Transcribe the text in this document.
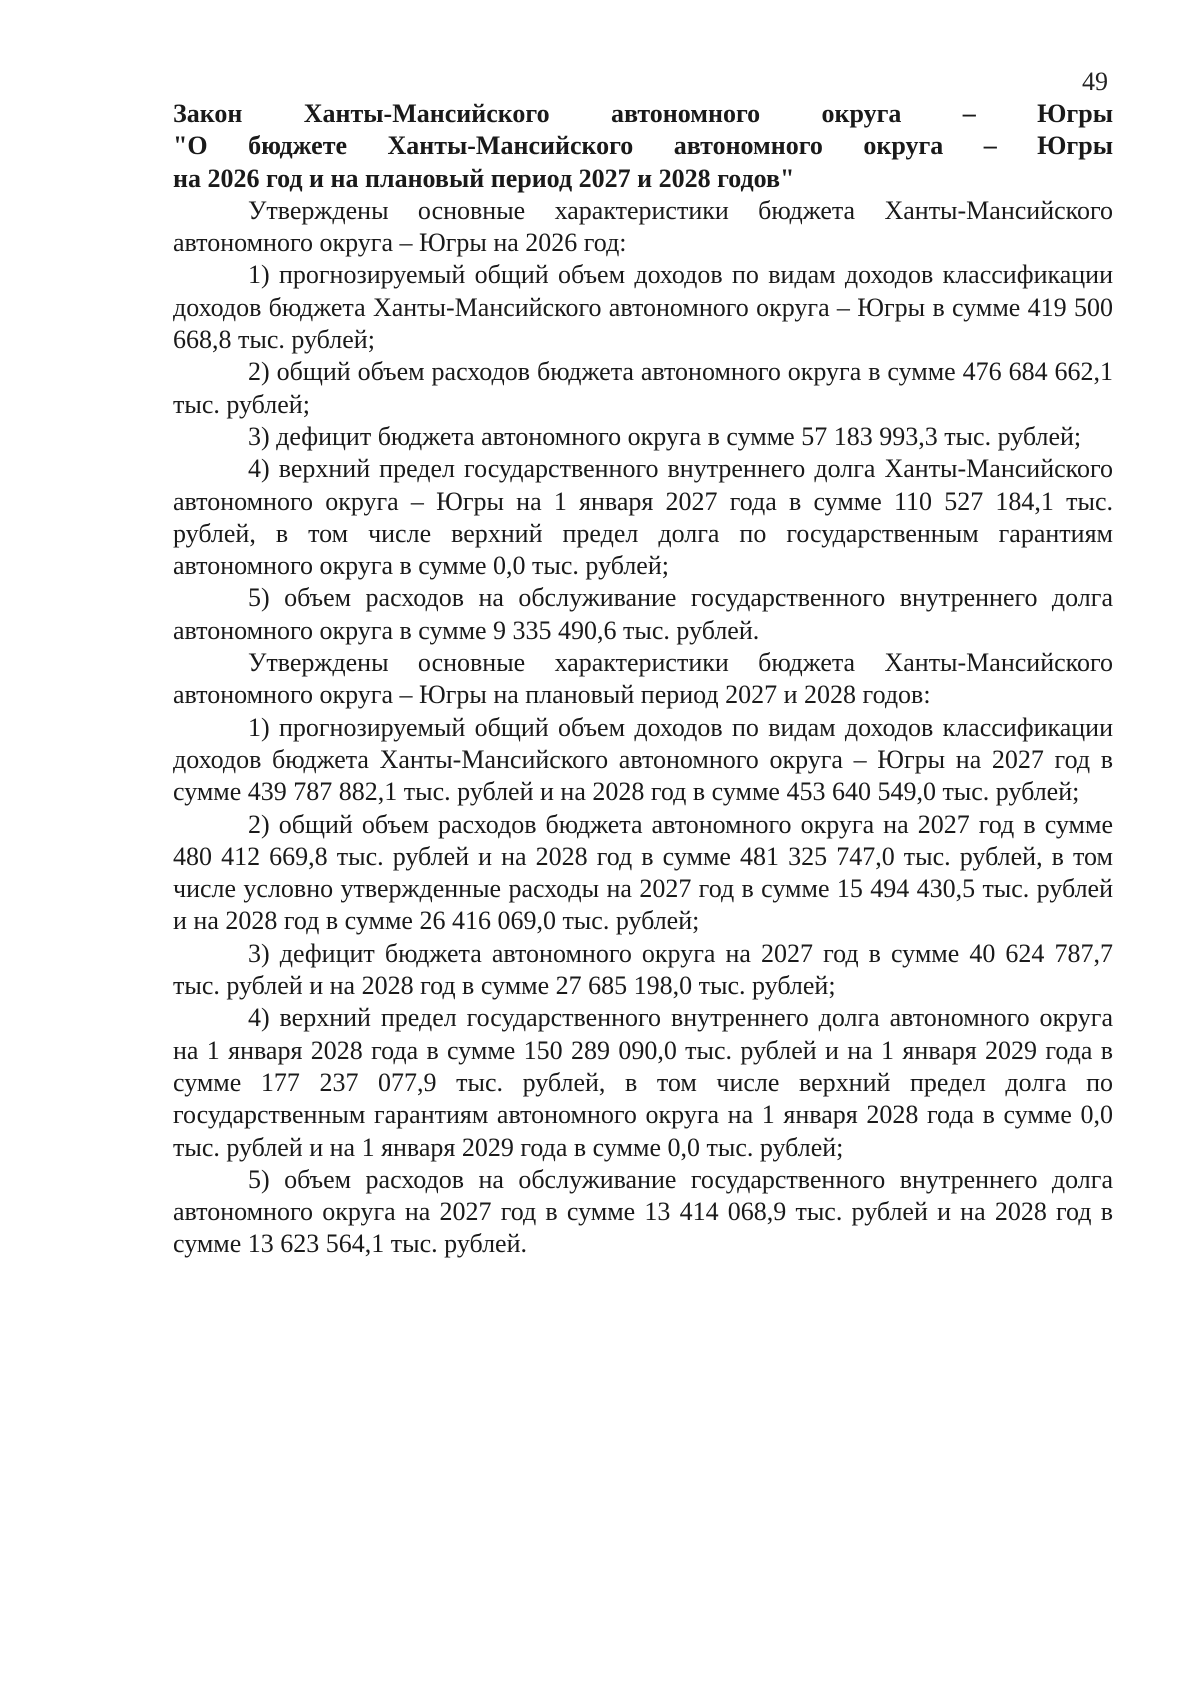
49

Закон Ханты-Мансийского автономного округа – Югры
"О бюджете Ханты-Мансийского автономного округа – Югры
на 2026 год и на плановый период 2027 и 2028 годов"

Утверждены основные характеристики бюджета Ханты-Мансийского автономного округа – Югры на 2026 год:

1) прогнозируемый общий объем доходов по видам доходов классификации доходов бюджета Ханты-Мансийского автономного округа – Югры в сумме 419 500 668,8 тыс. рублей;

2) общий объем расходов бюджета автономного округа в сумме 476 684 662,1 тыс. рублей;

3) дефицит бюджета автономного округа в сумме 57 183 993,3 тыс. рублей;

4) верхний предел государственного внутреннего долга Ханты-Мансийского автономного округа – Югры на 1 января 2027 года в сумме 110 527 184,1 тыс. рублей, в том числе верхний предел долга по государственным гарантиям автономного округа в сумме 0,0 тыс. рублей;

5) объем расходов на обслуживание государственного внутреннего долга автономного округа в сумме 9 335 490,6 тыс. рублей.

Утверждены основные характеристики бюджета Ханты-Мансийского автономного округа – Югры на плановый период 2027 и 2028 годов:

1) прогнозируемый общий объем доходов по видам доходов классификации доходов бюджета Ханты-Мансийского автономного округа – Югры на 2027 год в сумме 439 787 882,1 тыс. рублей и на 2028 год в сумме 453 640 549,0 тыс. рублей;

2) общий объем расходов бюджета автономного округа на 2027 год в сумме 480 412 669,8 тыс. рублей и на 2028 год в сумме 481 325 747,0 тыс. рублей, в том числе условно утвержденные расходы на 2027 год в сумме 15 494 430,5 тыс. рублей и на 2028 год в сумме 26 416 069,0 тыс. рублей;

3) дефицит бюджета автономного округа на 2027 год в сумме 40 624 787,7 тыс. рублей и на 2028 год в сумме 27 685 198,0 тыс. рублей;

4) верхний предел государственного внутреннего долга автономного округа на 1 января 2028 года в сумме 150 289 090,0 тыс. рублей и на 1 января 2029 года в сумме 177 237 077,9 тыс. рублей, в том числе верхний предел долга по государственным гарантиям автономного округа на 1 января 2028 года в сумме 0,0 тыс. рублей и на 1 января 2029 года в сумме 0,0 тыс. рублей;

5) объем расходов на обслуживание государственного внутреннего долга автономного округа на 2027 год в сумме 13 414 068,9 тыс. рублей и на 2028 год в сумме 13 623 564,1 тыс. рублей.
